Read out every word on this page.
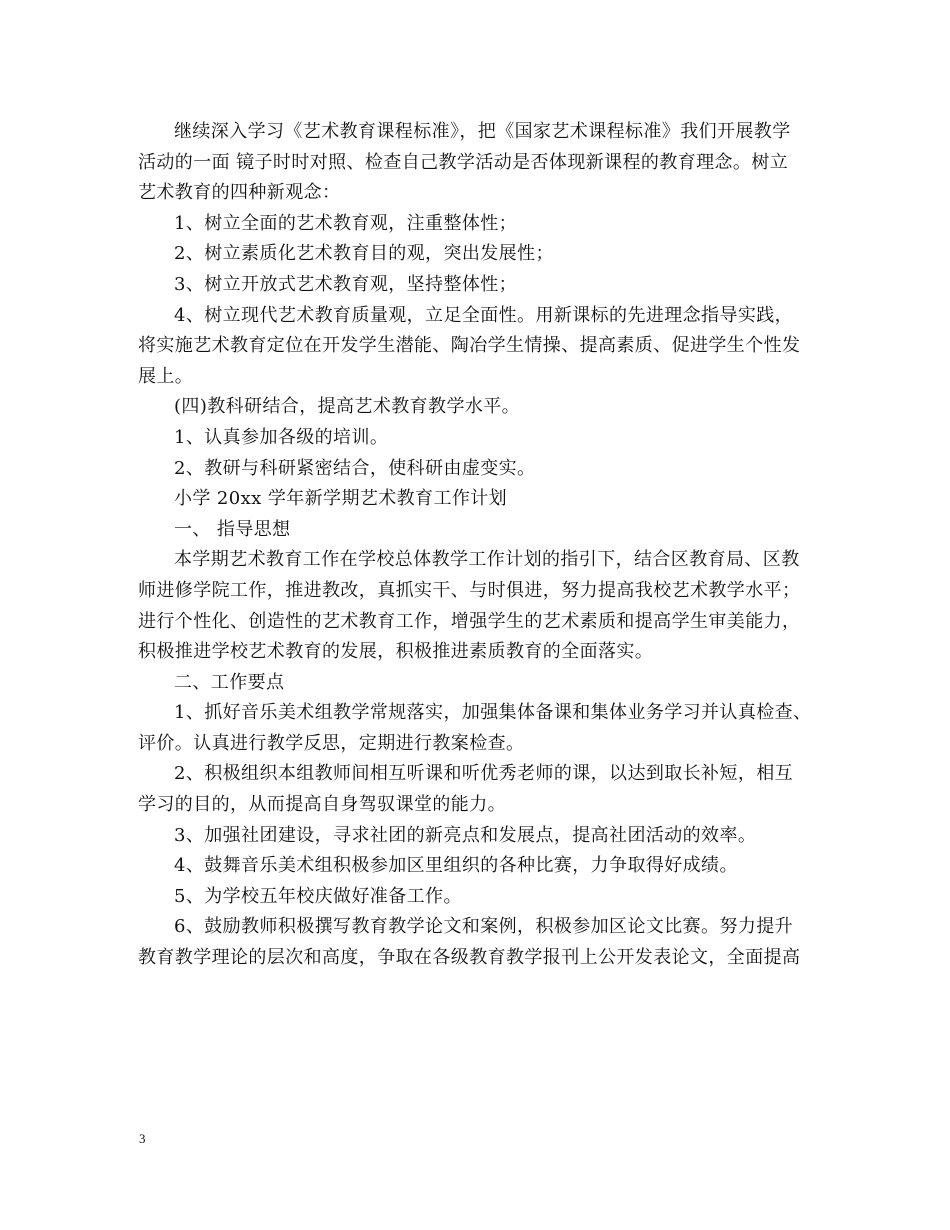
继续深入学习《艺术教育课程标准》，把《国家艺术课程标准》我们开展教学
活动的一面 镜子时时对照、检查自己教学活动是否体现新课程的教育理念。树立
艺术教育的四种新观念：
1、树立全面的艺术教育观，注重整体性；
2、树立素质化艺术教育目的观，突出发展性；
3、树立开放式艺术教育观，坚持整体性；
4、树立现代艺术教育质量观，立足全面性。用新课标的先进理念指导实践，
将实施艺术教育定位在开发学生潜能、陶冶学生情操、提高素质、促进学生个性发
展上。
(四)教科研结合，提高艺术教育教学水平。
1、认真参加各级的培训。
2、教研与科研紧密结合，使科研由虚变实。
小学 20xx 学年新学期艺术教育工作计划
一、 指导思想
本学期艺术教育工作在学校总体教学工作计划的指引下，结合区教育局、区教
师进修学院工作，推进教改，真抓实干、与时俱进，努力提高我校艺术教学水平；
进行个性化、创造性的艺术教育工作，增强学生的艺术素质和提高学生审美能力，
积极推进学校艺术教育的发展，积极推进素质教育的全面落实。
二、工作要点
1、抓好音乐美术组教学常规落实，加强集体备课和集体业务学习并认真检查、
评价。认真进行教学反思，定期进行教案检查。
2、积极组织本组教师间相互听课和听优秀老师的课，以达到取长补短，相互
学习的目的，从而提高自身驾驭课堂的能力。
3、加强社团建设，寻求社团的新亮点和发展点，提高社团活动的效率。
4、鼓舞音乐美术组积极参加区里组织的各种比赛，力争取得好成绩。
5、为学校五年校庆做好准备工作。
6、鼓励教师积极撰写教育教学论文和案例，积极参加区论文比赛。努力提升
教育教学理论的层次和高度，争取在各级教育教学报刊上公开发表论文，全面提高
3
